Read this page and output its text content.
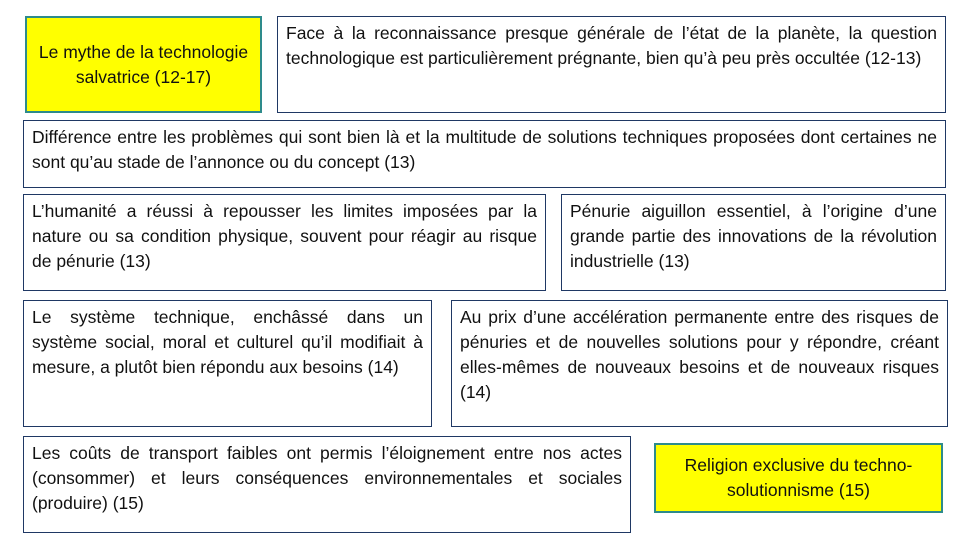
Le mythe de la technologie salvatrice (12-17)
Face à la reconnaissance presque générale de l’état de la planète, la question technologique est particulièrement prégnante, bien qu’à peu près occultée (12-13)
Différence entre les problèmes qui sont bien là et la multitude de solutions techniques proposées dont certaines ne sont qu’au stade de l’annonce ou du concept (13)
L’humanité a réussi à repousser les limites imposées par la nature ou sa condition physique, souvent pour réagir au risque de pénurie (13)
Pénurie aiguillon essentiel, à l’origine d’une grande partie des innovations de la révolution industrielle (13)
Le système technique, enchâssé dans un système social, moral et culturel qu’il modifiait à mesure, a plutôt bien répondu aux besoins (14)
Au prix d’une accélération permanente entre des risques de pénuries et de nouvelles solutions pour y répondre, créant elles-mêmes de nouveaux besoins et de nouveaux risques (14)
Les coûts de transport faibles ont permis l’éloignement entre nos actes (consommer) et leurs conséquences environnementales et sociales (produire) (15)
Religion exclusive du techno-solutionnisme (15)
